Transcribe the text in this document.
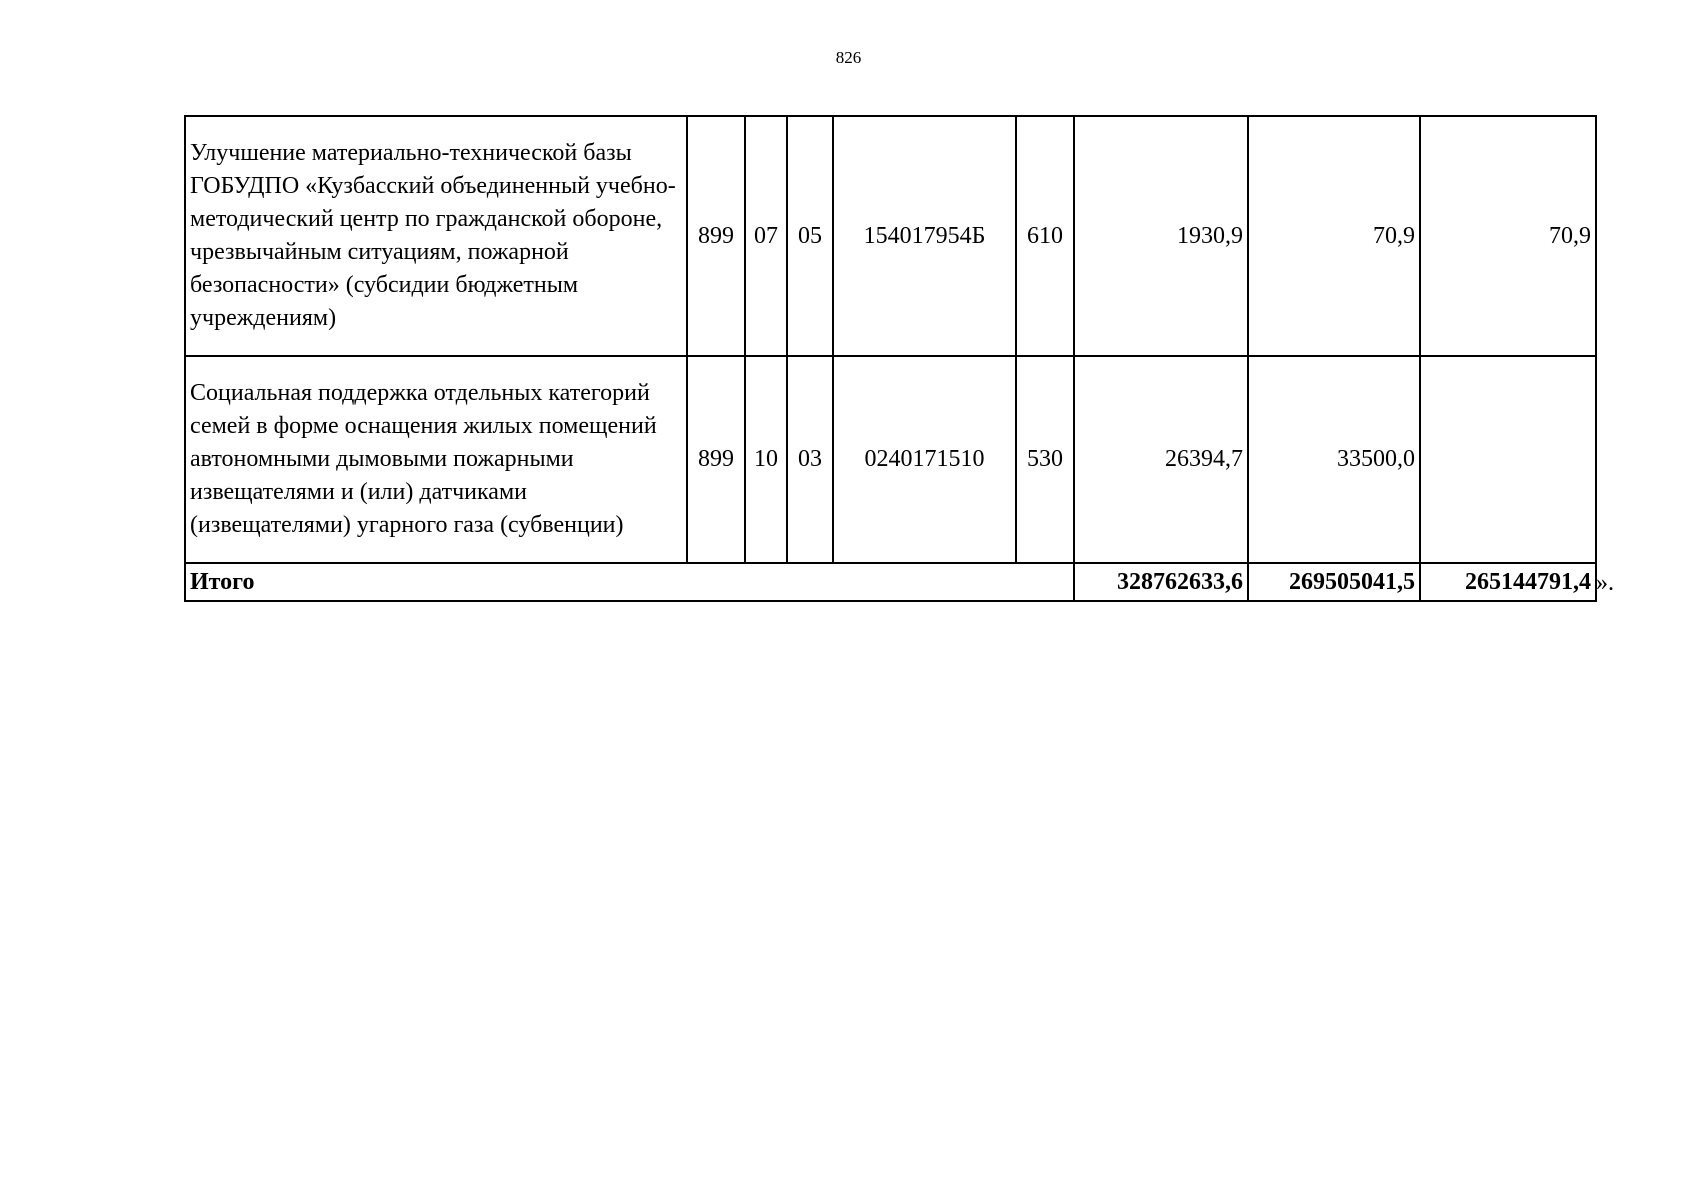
826
Улучшение материально-технической базы ГОБУДПО «Кузбасский объединенный учебно-методический центр по гражданской обороне, чрезвычайным ситуациям, пожарной безопасности» (субсидии бюджетным учреждениям)	899	07	05	154017954Б	610	1930,9	70,9	70,9
Социальная поддержка отдельных категорий семей в форме оснащения жилых помещений автономными дымовыми пожарными извещателями и (или) датчиками (извещателями) угарного газа (субвенции)	899	10	03	0240171510	530	26394,7	33500,0	
Итого						328762633,6	269505041,5	265144791,4 ».
